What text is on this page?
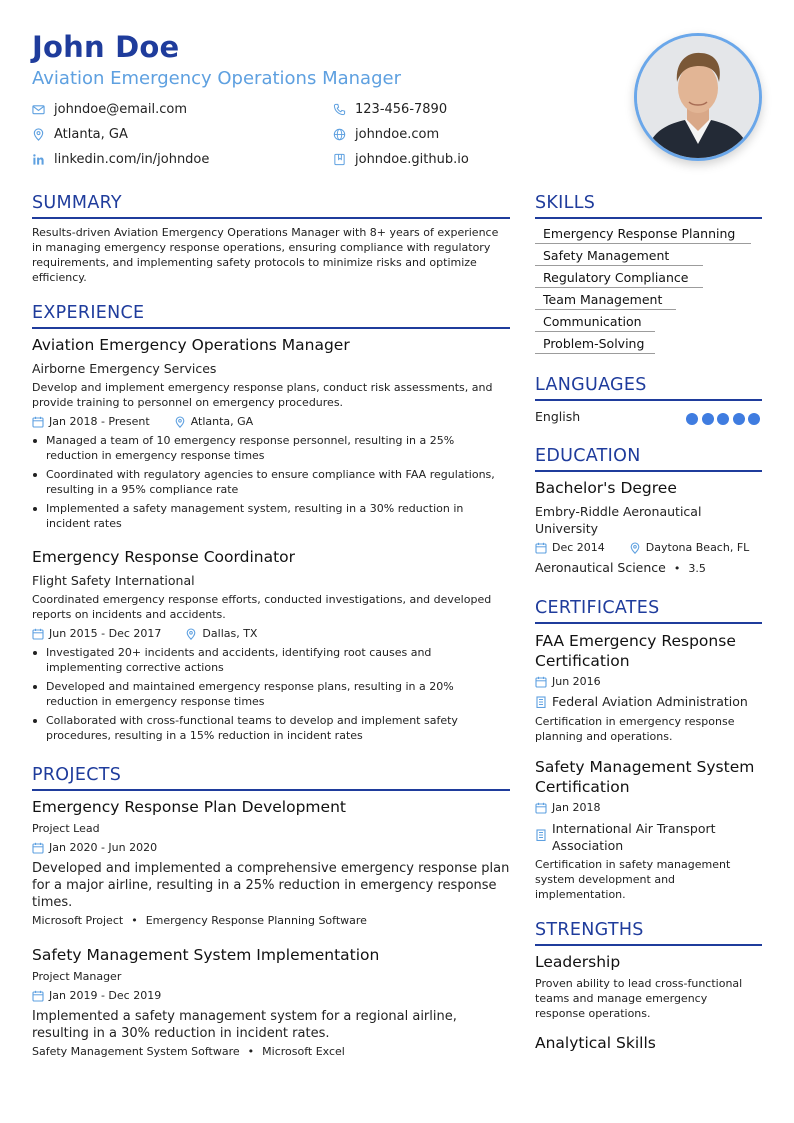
John Doe
Aviation Emergency Operations Manager
johndoe@email.com	123-456-7890
Atlanta, GA	johndoe.com
linkedin.com/in/johndoe	johndoe.github.io
SUMMARY
Results-driven Aviation Emergency Operations Manager with 8+ years of experience in managing emergency response operations, ensuring compliance with regulatory requirements, and implementing safety protocols to minimize risks and optimize efficiency.
EXPERIENCE
Aviation Emergency Operations Manager
Airborne Emergency Services
Develop and implement emergency response plans, conduct risk assessments, and provide training to personnel on emergency procedures.
Jan 2018 - Present	Atlanta, GA
Managed a team of 10 emergency response personnel, resulting in a 25% reduction in emergency response times
Coordinated with regulatory agencies to ensure compliance with FAA regulations, resulting in a 95% compliance rate
Implemented a safety management system, resulting in a 30% reduction in incident rates
Emergency Response Coordinator
Flight Safety International
Coordinated emergency response efforts, conducted investigations, and developed reports on incidents and accidents.
Jun 2015 - Dec 2017	Dallas, TX
Investigated 20+ incidents and accidents, identifying root causes and implementing corrective actions
Developed and maintained emergency response plans, resulting in a 20% reduction in emergency response times
Collaborated with cross-functional teams to develop and implement safety procedures, resulting in a 15% reduction in incident rates
PROJECTS
Emergency Response Plan Development
Project Lead
Jan 2020 - Jun 2020
Developed and implemented a comprehensive emergency response plan for a major airline, resulting in a 25% reduction in emergency response times.
Microsoft Project • Emergency Response Planning Software
Safety Management System Implementation
Project Manager
Jan 2019 - Dec 2019
Implemented a safety management system for a regional airline, resulting in a 30% reduction in incident rates.
Safety Management System Software • Microsoft Excel
SKILLS
Emergency Response Planning
Safety Management
Regulatory Compliance
Team Management
Communication
Problem-Solving
LANGUAGES
English
EDUCATION
Bachelor's Degree
Embry-Riddle Aeronautical University
Dec 2014	Daytona Beach, FL
Aeronautical Science • 3.5
CERTIFICATES
FAA Emergency Response Certification
Jun 2016
Federal Aviation Administration
Certification in emergency response planning and operations.
Safety Management System Certification
Jan 2018
International Air Transport Association
Certification in safety management system development and implementation.
STRENGTHS
Leadership
Proven ability to lead cross-functional teams and manage emergency response operations.
Analytical Skills
